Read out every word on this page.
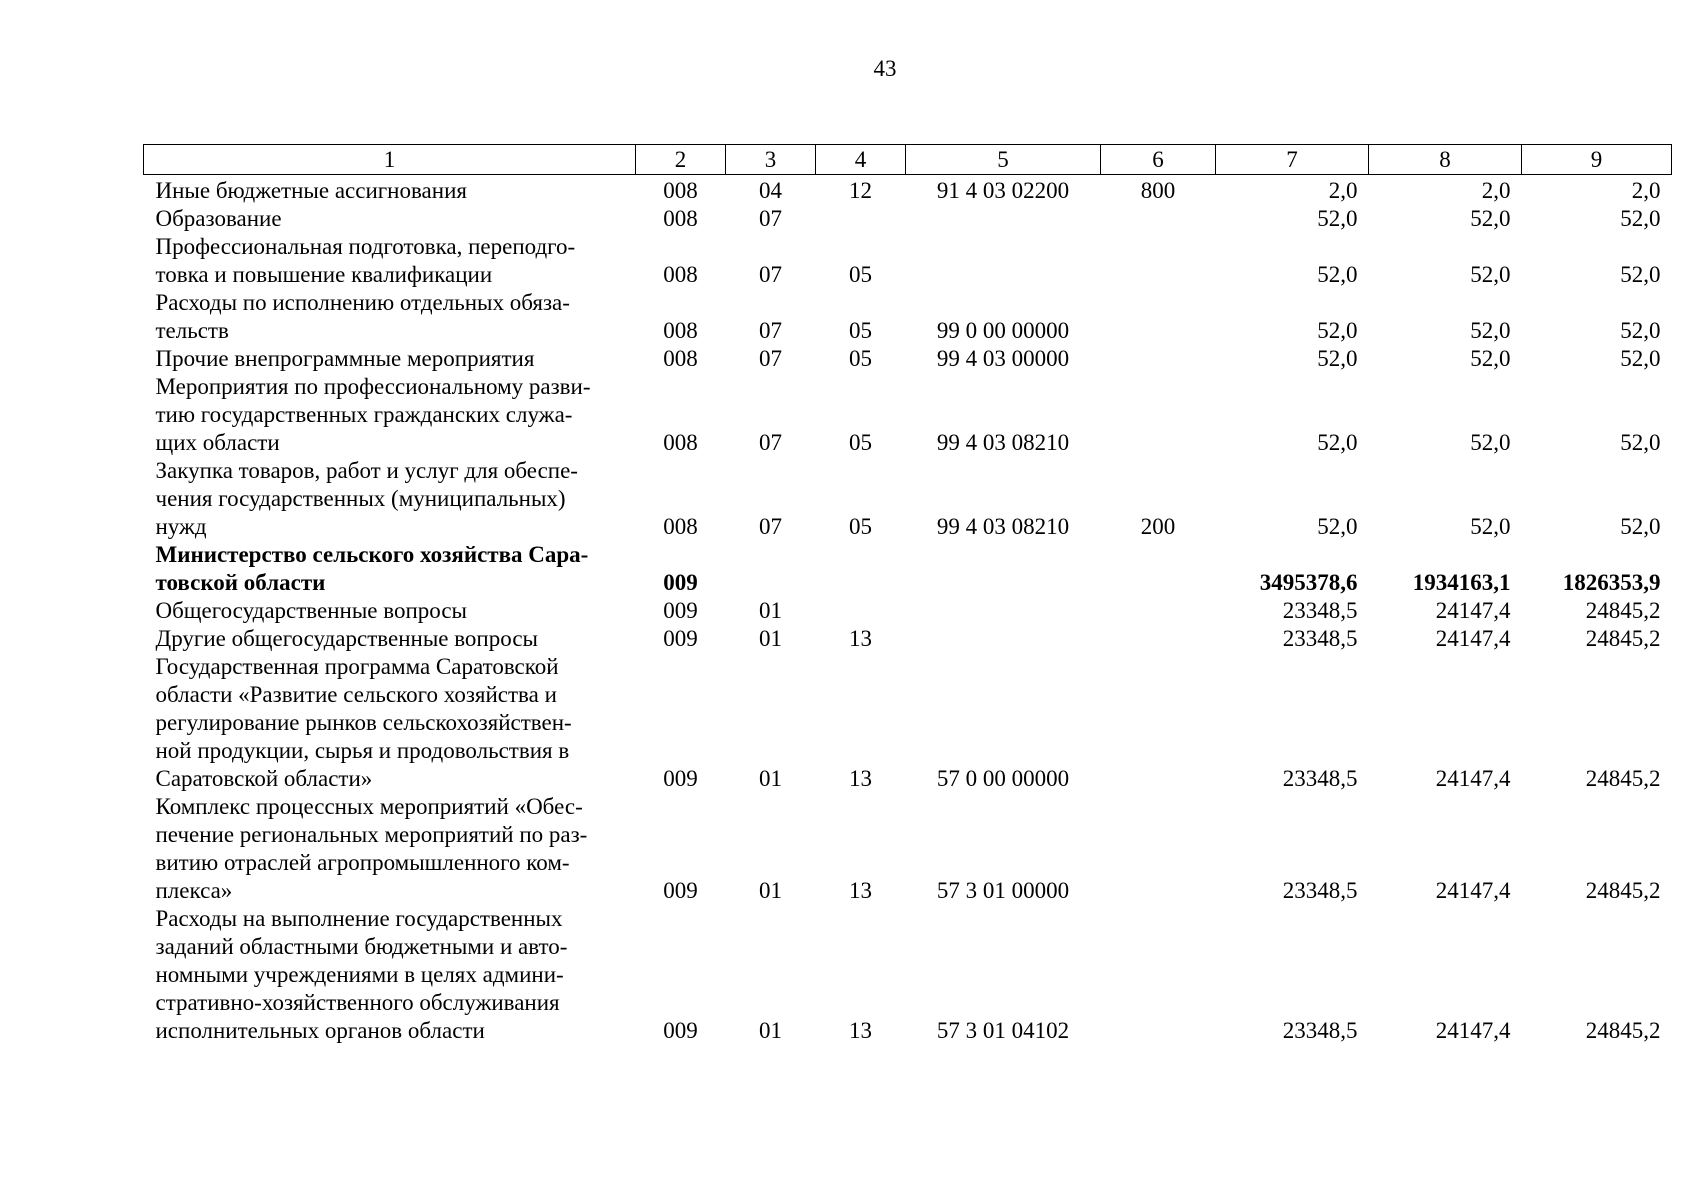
43
1	2	3	4	5	6	7	8	9
Иные бюджетные ассигнования	008	04	12	91 4 03 02200	800	2,0	2,0	2,0
Образование	008	07				52,0	52,0	52,0
Профессиональная подготовка, переподго-
товка и повышение квалификации	008	07	05			52,0	52,0	52,0
Расходы по исполнению отдельных обяза-
тельств	008	07	05	99 0 00 00000		52,0	52,0	52,0
Прочие внепрограммные мероприятия	008	07	05	99 4 03 00000		52,0	52,0	52,0
Мероприятия по профессиональному разви-
тию государственных гражданских служа-
щих области	008	07	05	99 4 03 08210		52,0	52,0	52,0
Закупка товаров, работ и услуг для обеспе-
чения государственных (муниципальных)
нужд	008	07	05	99 4 03 08210	200	52,0	52,0	52,0
Министерство сельского хозяйства Сара-
товской области	009					3495378,6	1934163,1	1826353,9
Общегосударственные вопросы	009	01				23348,5	24147,4	24845,2
Другие общегосударственные вопросы	009	01	13			23348,5	24147,4	24845,2
Государственная программа Саратовской
области «Развитие сельского хозяйства и
регулирование рынков сельскохозяйствен-
ной продукции, сырья и продовольствия в
Саратовской области»	009	01	13	57 0 00 00000		23348,5	24147,4	24845,2
Комплекс процессных мероприятий «Обес-
печение региональных мероприятий по раз-
витию отраслей агропромышленного ком-
плекса»	009	01	13	57 3 01 00000		23348,5	24147,4	24845,2
Расходы на выполнение государственных
заданий областными бюджетными и авто-
номными учреждениями в целях админи-
стративно-хозяйственного обслуживания
исполнительных органов области	009	01	13	57 3 01 04102		23348,5	24147,4	24845,2
